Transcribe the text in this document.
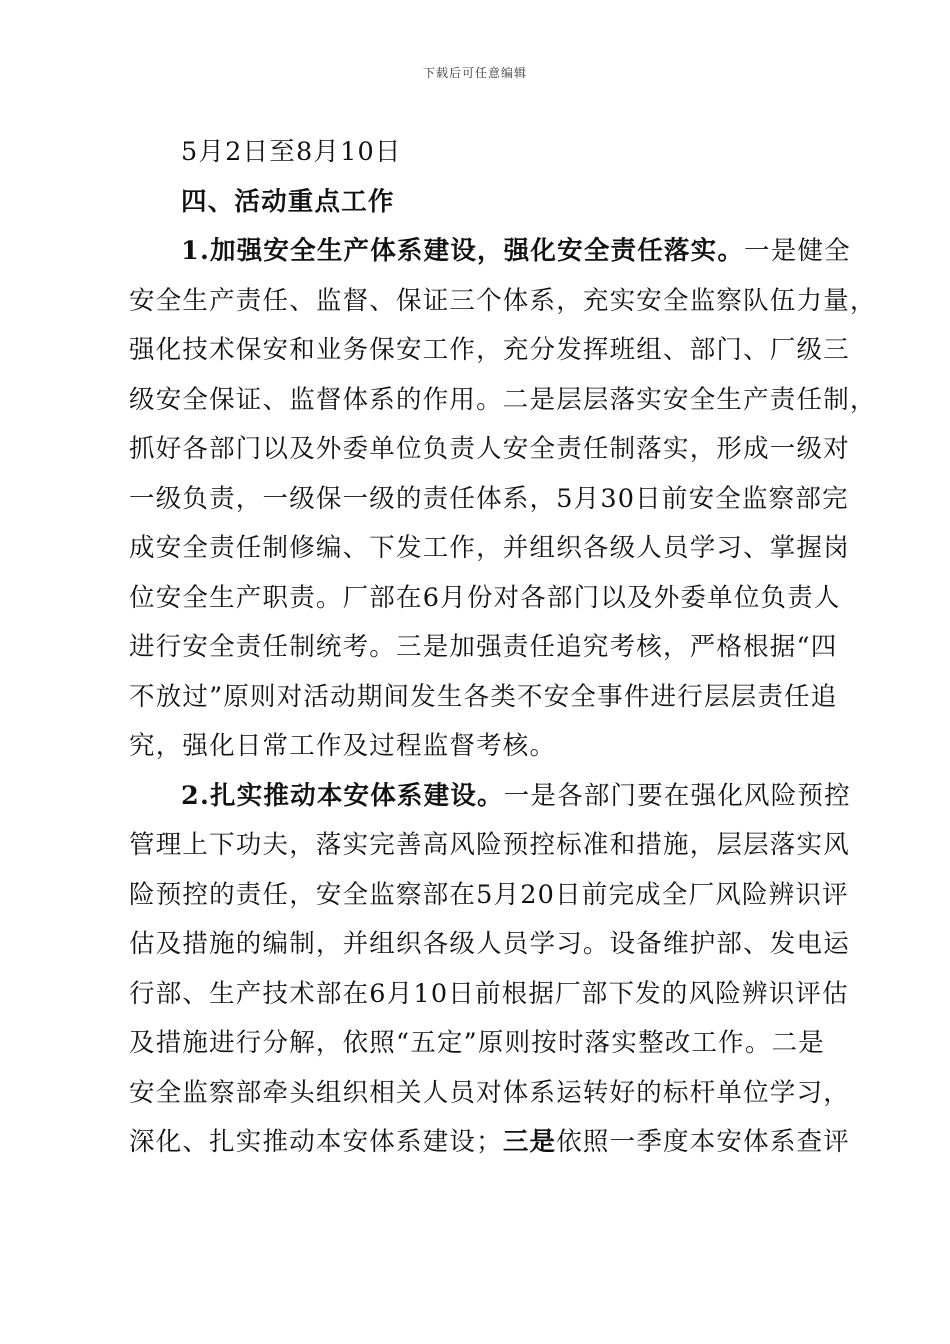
下载后可任意编辑
5月2日至8月10日
四、活动重点工作
1.加强安全生产体系建设，强化安全责任落实。一是健全
安全生产责任、监督、保证三个体系，充实安全监察队伍力量，
强化技术保安和业务保安工作，充分发挥班组、部门、厂级三
级安全保证、监督体系的作用。二是层层落实安全生产责任制，
抓好各部门以及外委单位负责人安全责任制落实，形成一级对
一级负责，一级保一级的责任体系，5月30日前安全监察部完
成安全责任制修编、下发工作，并组织各级人员学习、掌握岗
位安全生产职责。厂部在6月份对各部门以及外委单位负责人
进行安全责任制统考。三是加强责任追究考核，严格根据“四
不放过”原则对活动期间发生各类不安全事件进行层层责任追
究，强化日常工作及过程监督考核。
2.扎实推动本安体系建设。一是各部门要在强化风险预控
管理上下功夫，落实完善高风险预控标准和措施，层层落实风
险预控的责任，安全监察部在5月20日前完成全厂风险辨识评
估及措施的编制，并组织各级人员学习。设备维护部、发电运
行部、生产技术部在6月10日前根据厂部下发的风险辨识评估
及措施进行分解，依照“五定”原则按时落实整改工作。二是
安全监察部牵头组织相关人员对体系运转好的标杆单位学习，
深化、扎实推动本安体系建设；三是依照一季度本安体系查评
